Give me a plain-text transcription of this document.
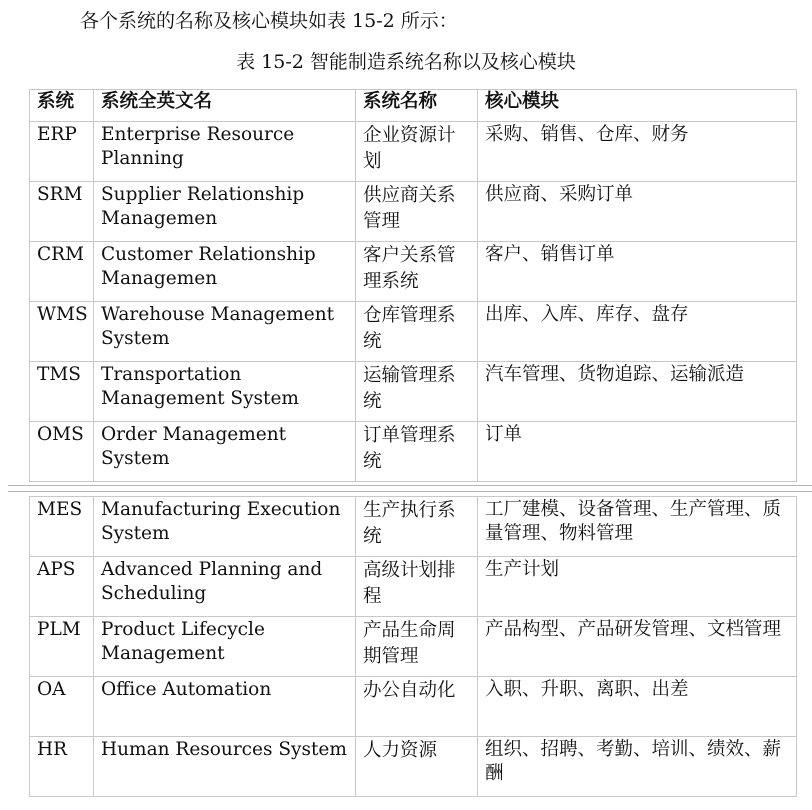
各个系统的名称及核心模块如表 15-2 所示：
表 15-2 智能制造系统名称以及核心模块
系统	系统全英文名	系统名称	核心模块
ERP	Enterprise Resource Planning	企业资源计划	采购、销售、仓库、财务
SRM	Supplier Relationship Managemen	供应商关系管理	供应商、采购订单
CRM	Customer Relationship Managemen	客户关系管理系统	客户、销售订单
WMS	Warehouse Management System	仓库管理系统	出库、入库、库存、盘存
TMS	Transportation Management System	运输管理系统	汽车管理、货物追踪、运输派造
OMS	Order Management System	订单管理系统	订单
MES	Manufacturing Execution System	生产执行系统	工厂建模、设备管理、生产管理、质量管理、物料管理
APS	Advanced Planning and Scheduling	高级计划排程	生产计划
PLM	Product Lifecycle Management	产品生命周期管理	产品构型、产品研发管理、文档管理
OA	Office Automation	办公自动化	入职、升职、离职、出差
HR	Human Resources System	人力资源	组织、招聘、考勤、培训、绩效、薪酬
